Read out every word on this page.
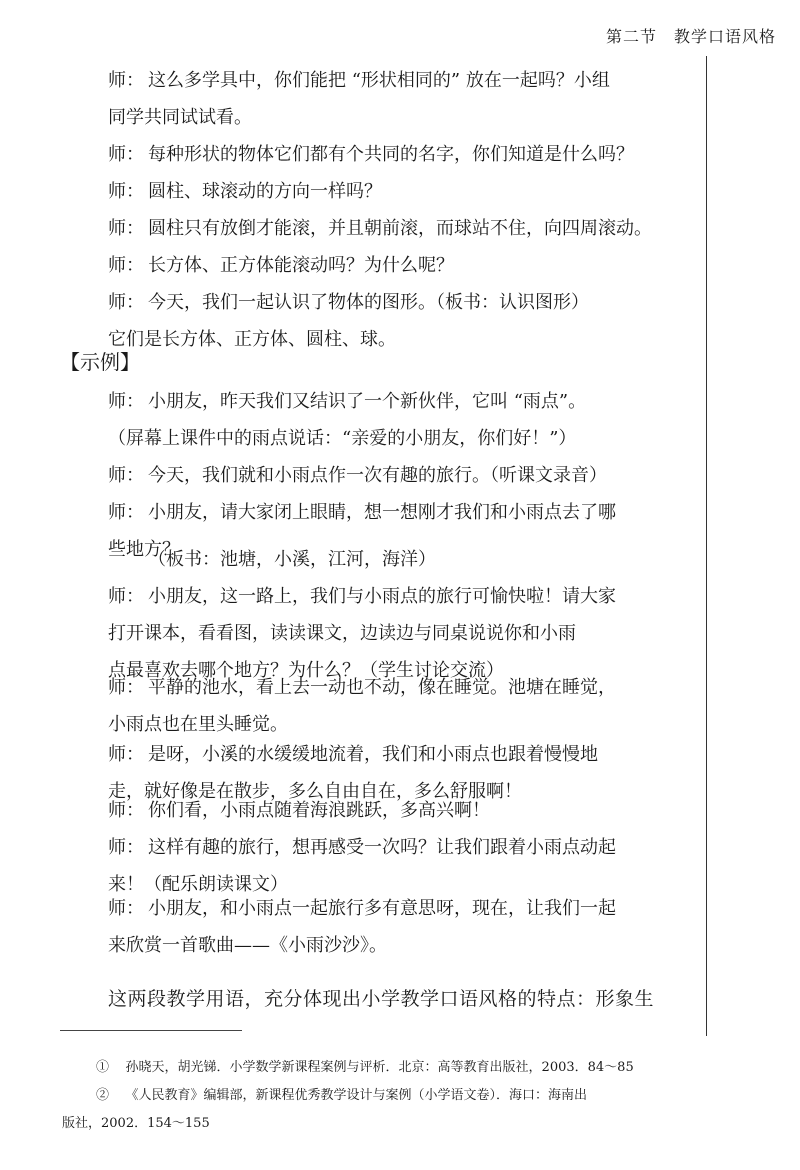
第二节　教学口语风格
师： 这么多学具中，你们能把 “形状相同的” 放在一起吗？小组
同学共同试试看。
师： 每种形状的物体它们都有个共同的名字，你们知道是什么吗？
师： 圆柱、球滚动的方向一样吗？
师： 圆柱只有放倒才能滚，并且朝前滚，而球站不住，向四周滚动。
师： 长方体、正方体能滚动吗？为什么呢？
师： 今天，我们一起认识了物体的图形。（板书：认识图形）
它们是长方体、正方体、圆柱、球。
【示例】
师： 小朋友，昨天我们又结识了一个新伙伴，它叫 “雨点”。
（屏幕上课件中的雨点说话：“亲爱的小朋友，你们好！”）
师： 今天，我们就和小雨点作一次有趣的旅行。（听课文录音）
师： 小朋友，请大家闭上眼睛，想一想刚才我们和小雨点去了哪
些地方？
（板书：池塘，小溪，江河，海洋）
师： 小朋友，这一路上，我们与小雨点的旅行可愉快啦！请大家
打开课本，看看图，读读课文，边读边与同桌说说你和小雨
点最喜欢去哪个地方？为什么？（学生讨论交流）
师： 平静的池水，看上去一动也不动，像在睡觉。池塘在睡觉，
小雨点也在里头睡觉。
师： 是呀，小溪的水缓缓地流着，我们和小雨点也跟着慢慢地
走，就好像是在散步，多么自由自在，多么舒服啊！
师： 你们看，小雨点随着海浪跳跃，多高兴啊！
师： 这样有趣的旅行，想再感受一次吗？让我们跟着小雨点动起
来！（配乐朗读课文）
师： 小朋友，和小雨点一起旅行多有意思呀，现在，让我们一起
来欣赏一首歌曲——《小雨沙沙》。
这两段教学用语，充分体现出小学教学口语风格的特点：形象生
① 孙晓天，胡光锑．小学数学新课程案例与评析．北京：高等教育出版社，2003．84～85
② 《人民教育》编辑部，新课程优秀教学设计与案例（小学语文卷）．海口：海南出
版社，2002．154～155
